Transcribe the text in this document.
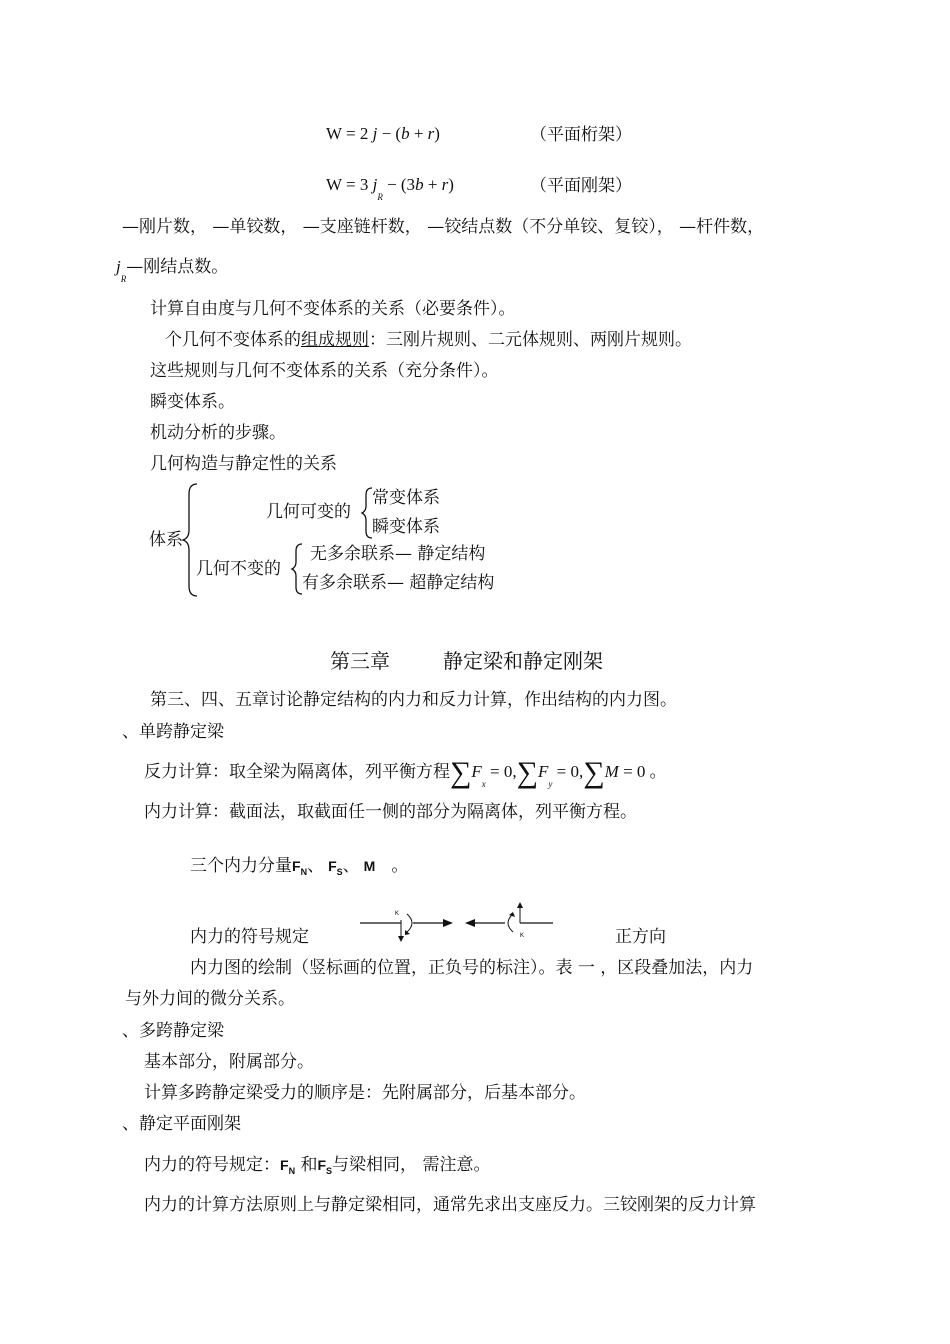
W = 2 j − (b + r)	（平面桁架）
W = 3 $j_R - (3b + r)$	（平面刚架）
—刚片数， —单铰数， —支座链杆数， —铰结点数（不分单铰、复铰）， —杆件数，
$j_R—$刚结点数。
计算自由度与几何不变体系的关系（必要条件）。
个几何不变体系的组成规则：三刚片规则、二元体规则、两刚片规则。
这些规则与几何不变体系的关系（充分条件）。
瞬变体系。
机动分析的步骤。
几何构造与静定性的关系
体系
几何可变的
常变体系
瞬变体系
几何不变的
无多余联系— 静定结构
有多余联系— 超静定结构
第三章	静定梁和静定刚架
第三、四、五章讨论静定结构的内力和反力计算，作出结构的内力图。
、单跨静定梁
反力计算：取全梁为隔离体，列平衡方程$\sum F_x = 0,\sum F_y = 0,\sum M = 0$ 。
内力计算：截面法，取截面任一侧的部分为隔离体，列平衡方程。
三个内力分量$F_N$、 $F_S$、 M 。
内力的符号规定
K
K	正方向
内力图的绘制（竖标画的位置，正负号的标注）。表 一 ，区段叠加法，内力
与外力间的微分关系。
、多跨静定梁
基本部分，附属部分。
计算多跨静定梁受力的顺序是：先附属部分，后基本部分。
、静定平面刚架
内力的符号规定：$F_N$ 和$F_S$与梁相同， 需注意。
内力的计算方法原则上与静定梁相同，通常先求出支座反力。三铰刚架的反力计算
